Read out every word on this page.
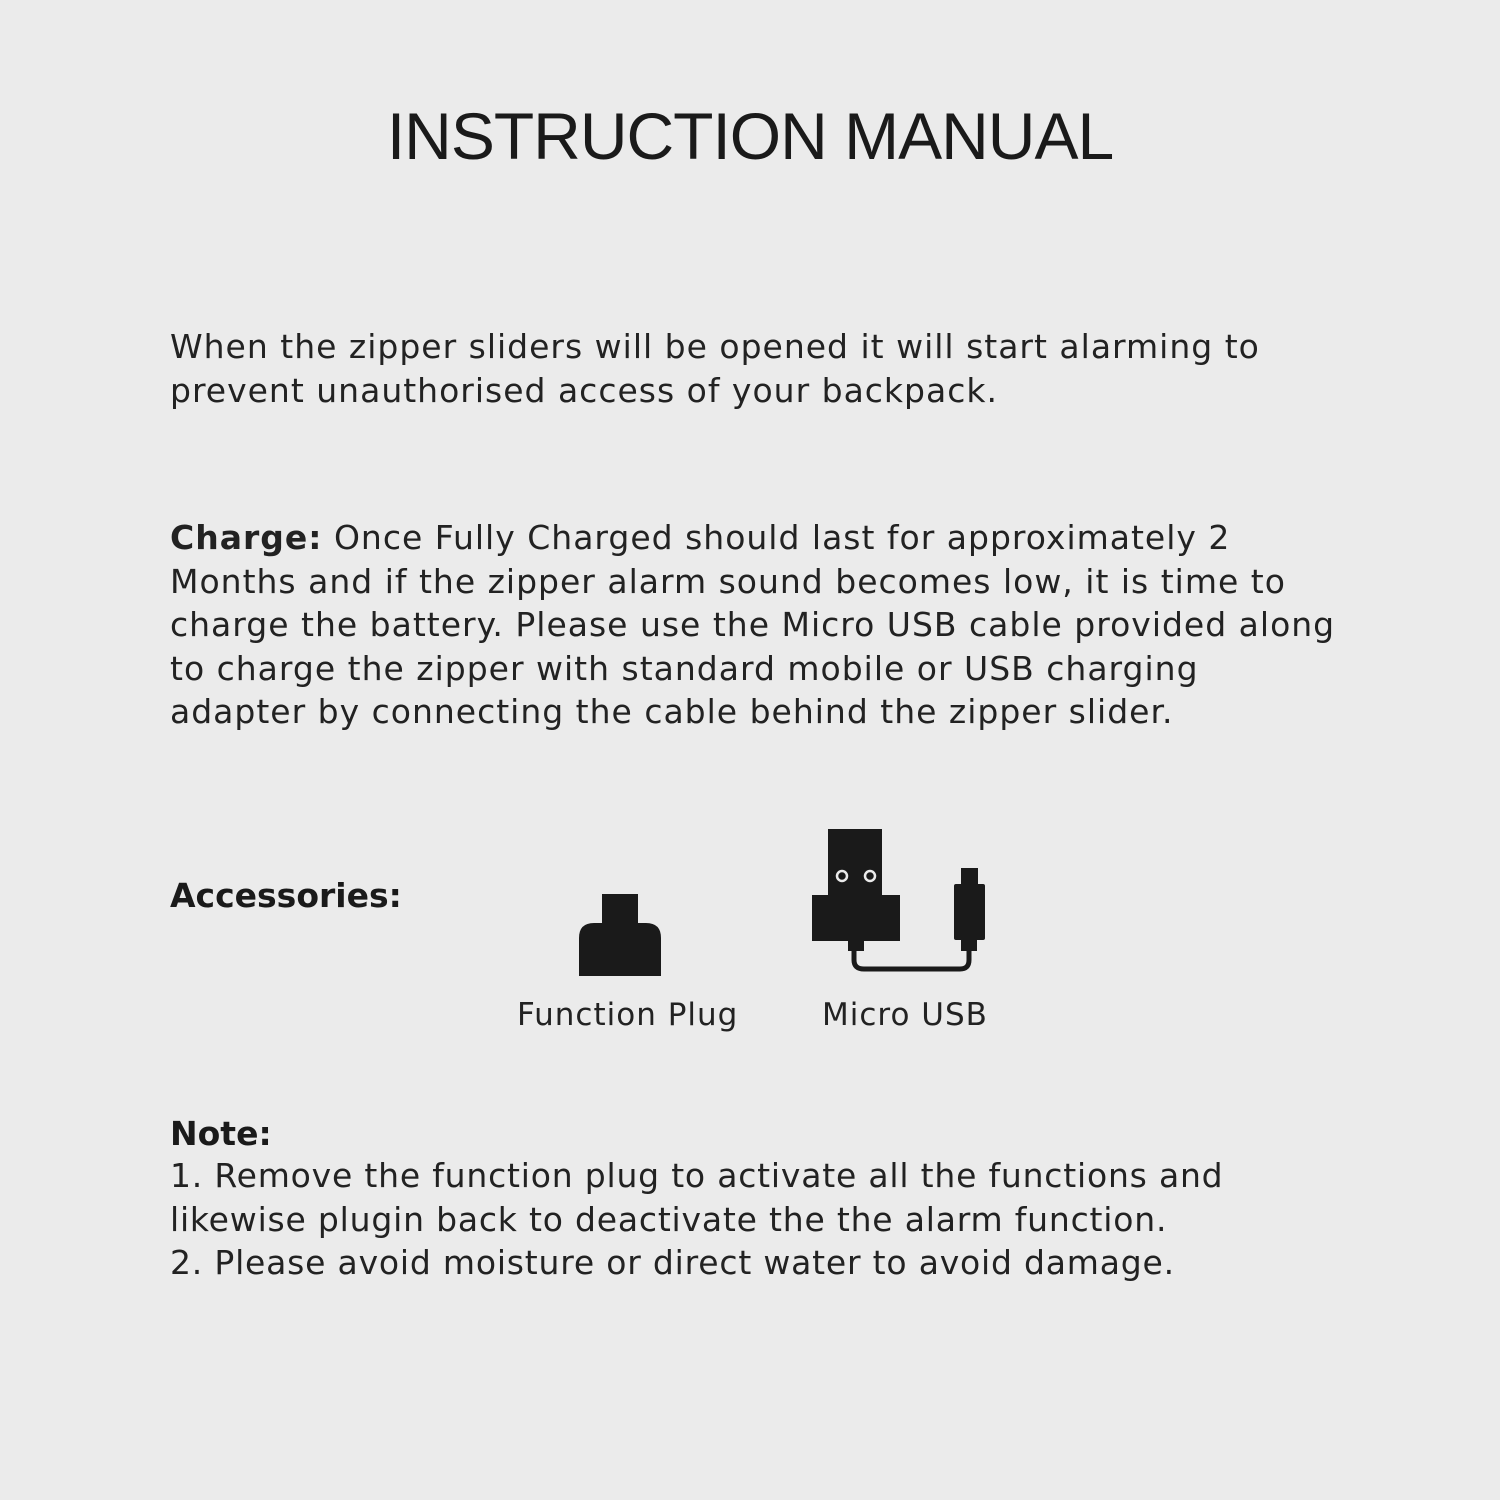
INSTRUCTION MANUAL
When the zipper sliders will be opened it will start alarming to prevent unauthorised access of your backpack.
Charge: Once Fully Charged should last for approximately 2 Months and if the zipper alarm sound becomes low, it is time to charge the battery. Please use the Micro USB cable provided along to charge the zipper with standard mobile or USB charging adapter by connecting the cable behind the zipper slider.
Accessories:
Function Plug	Micro USB
Note:
1. Remove the function plug to activate all the functions and likewise plugin back to deactivate the the alarm function.
2. Please avoid moisture or direct water to avoid damage.
